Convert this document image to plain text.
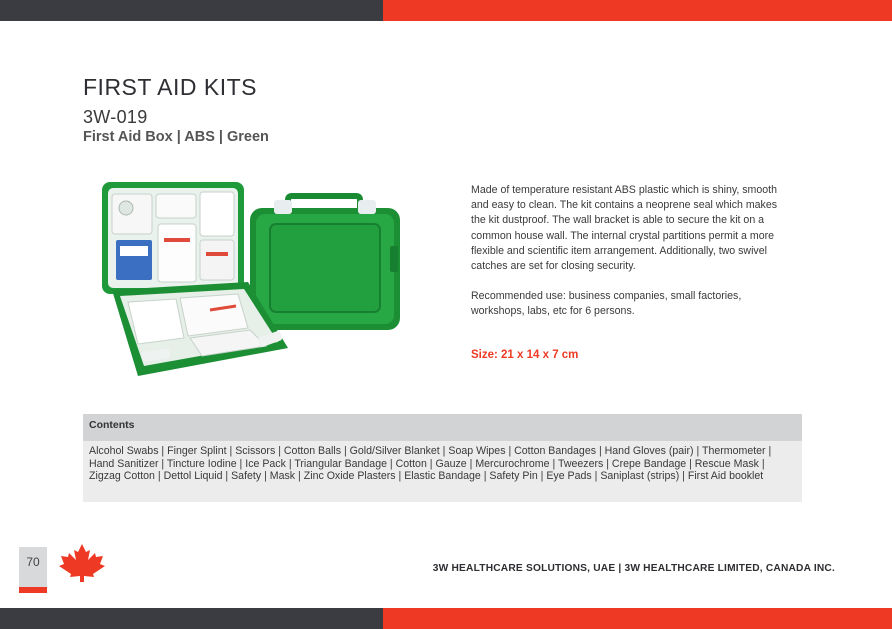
FIRST AID KITS
3W-019
First Aid Box | ABS | Green

Made of temperature resistant ABS plastic which is shiny, smooth and easy to clean. The kit contains a neoprene seal which makes the kit dustproof. The wall bracket is able to secure the kit on a common house wall. The internal crystal partitions permit a more flexible and scientific item arrangement. Additionally, two swivel catches are set for closing security.

Recommended use: business companies, small factories, workshops, labs, etc for 6 persons.

Size: 21 x 14 x 7 cm
Contents
Alcohol Swabs | Finger Splint | Scissors | Cotton Balls | Gold/Silver Blanket | Soap Wipes | Cotton Bandages | Hand Gloves (pair) | Thermometer | Hand Sanitizer | Tincture Iodine | Ice Pack | Triangular Bandage | Cotton | Gauze | Mercurochrome | Tweezers | Crepe Bandage | Rescue Mask | Zigzag Cotton | Dettol Liquid | Safety | Mask | Zinc Oxide Plasters | Elastic Bandage | Safety Pin | Eye Pads | Saniplast (strips) | First Aid booklet
70	3W HEALTHCARE SOLUTIONS, UAE | 3W HEALTHCARE LIMITED, CANADA INC.
